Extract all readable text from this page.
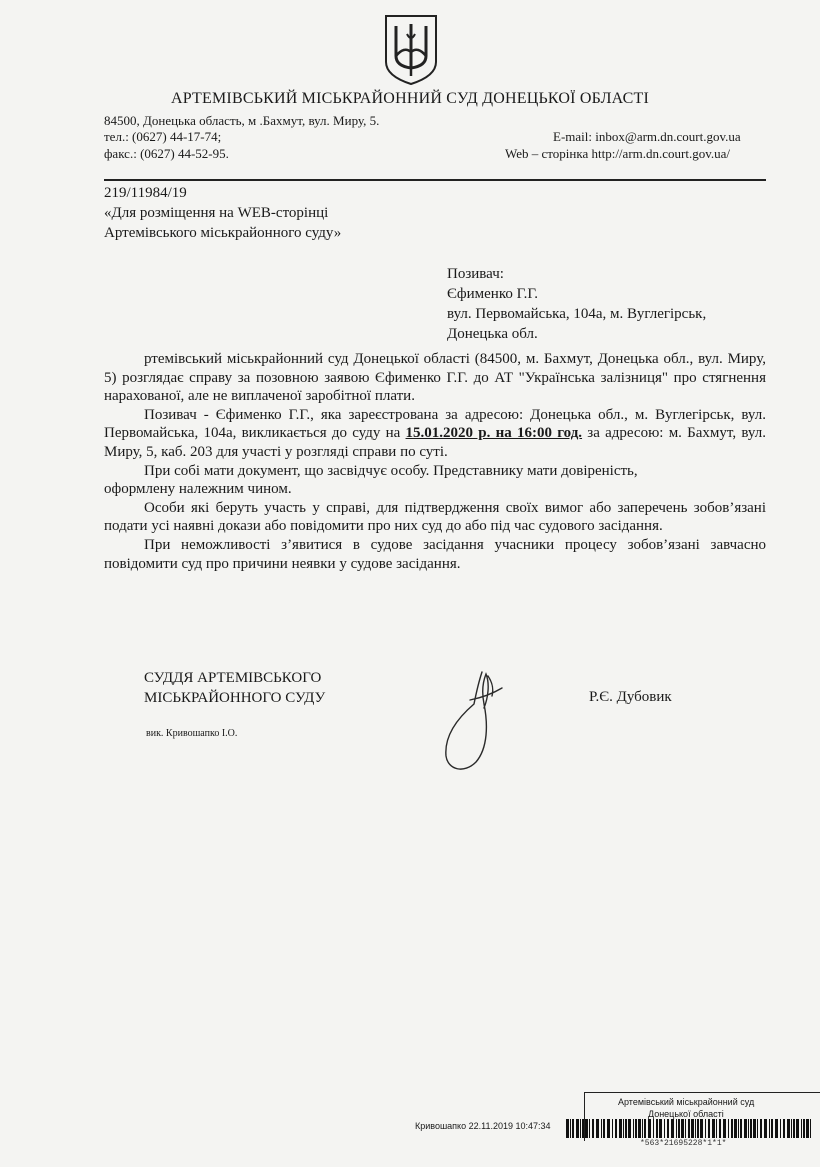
АРТЕМІВСЬКИЙ МІСЬКРАЙОННИЙ СУД ДОНЕЦЬКОЇ ОБЛАСТІ
84500, Донецька область, м .Бахмут, вул. Миру, 5.
тел.: (0627) 44-17-74;
факс.: (0627) 44-52-95.
E-mail: inbox@arm.dn.court.gov.ua
Web – сторінка http://arm.dn.court.gov.ua/
219/11984/19
«Для розміщення на WEB-сторінці
Артемівського міськрайонного суду»
Позивач:
Єфименко Г.Г.
вул. Первомайська, 104а, м. Вуглегірськ,
Донецька обл.

ртемівський міськрайонний суд Донецької області (84500, м. Бахмут, Донецька обл., вул. Миру, 5) розглядає справу за позовною заявою Єфименко Г.Г. до АТ "Українська залізниця" про стягнення нарахованої, але не виплаченої заробітної плати.

Позивач - Єфименко Г.Г., яка зареєстрована за адресою: Донецька обл., м. Вуглегірськ, вул. Первомайська, 104а, викликається до суду на 15.01.2020 р. на 16:00 год. за адресою: м. Бахмут, вул. Миру, 5, каб. 203 для участі у розгляді справи по суті.

При собі мати документ, що засвідчує особу. Представнику мати довіреність,
оформлену належним чином.

Особи які беруть участь у справі, для підтвердження своїх вимог або заперечень зобов’язані подати усі наявні докази або повідомити про них суд до або під час судового засідання.

При неможливості з’явитися в судове засідання учасники процесу зобов’язані завчасно повідомити суд про причини неявки у судове засідання.

СУДДЯ АРТЕМІВСЬКОГО
МІСЬКРАЙОННОГО СУДУ	Р.Є. Дубовик
вик. Кривошапко І.О.
Артемівський міськрайонний суд
Донецької області
Кривошапко 22.11.2019 10:47:34
*563*21695228*1*1*
